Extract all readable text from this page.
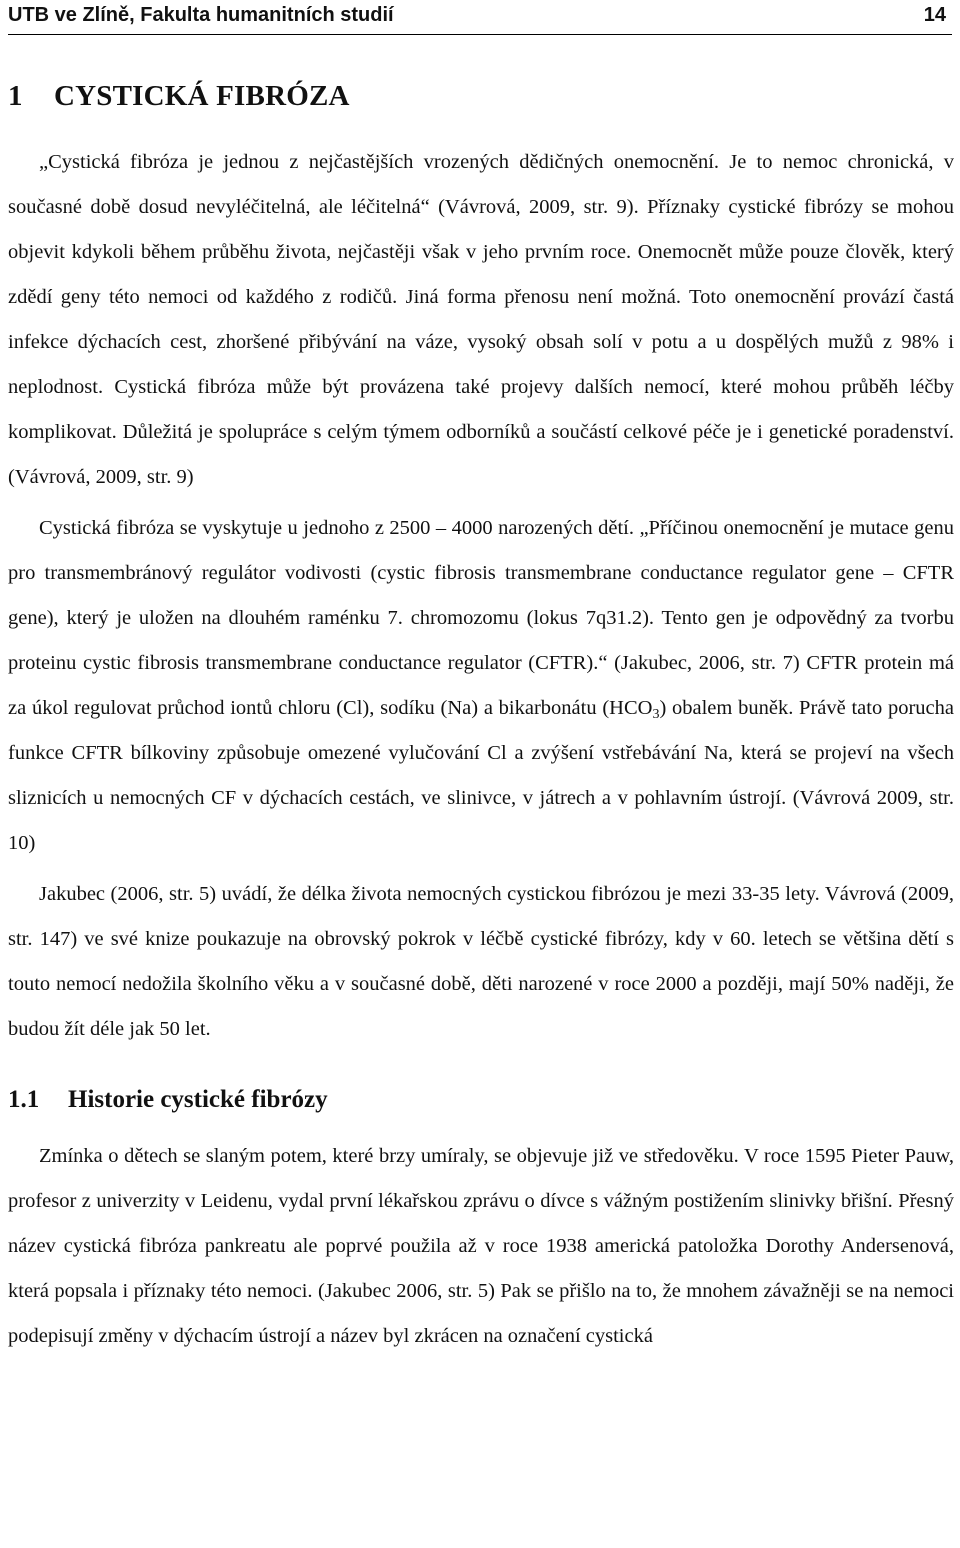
UTB ve Zlíně, Fakulta humanitních studií	14
1 CYSTICKÁ FIBRÓZA

„Cystická fibróza je jednou z nejčastějších vrozených dědičných onemocnění. Je to nemoc chronická, v současné době dosud nevyléčitelná, ale léčitelná“ (Vávrová, 2009, str. 9). Příznaky cystické fibrózy se mohou objevit kdykoli během průběhu života, nejčastěji však v jeho prvním roce. Onemocnět může pouze člověk, který zdědí geny této nemoci od každého z rodičů. Jiná forma přenosu není možná. Toto onemocnění provází častá infekce dýchacích cest, zhoršené přibývání na váze, vysoký obsah solí v potu a u dospělých mužů z 98% i neplodnost. Cystická fibróza může být provázena také projevy dalších nemocí, které mohou průběh léčby komplikovat. Důležitá je spolupráce s celým týmem odborníků a součástí celkové péče je i genetické poradenství. (Vávrová, 2009, str. 9)

Cystická fibróza se vyskytuje u jednoho z 2500 – 4000 narozených dětí. „Příčinou onemocnění je mutace genu pro transmembránový regulátor vodivosti (cystic fibrosis transmembrane conductance regulator gene – CFTR gene), který je uložen na dlouhém raménku 7. chromozomu (lokus 7q31.2). Tento gen je odpovědný za tvorbu proteinu cystic fibrosis transmembrane conductance regulator (CFTR).“ (Jakubec, 2006, str. 7) CFTR protein má za úkol regulovat průchod iontů chloru (Cl), sodíku (Na) a bikarbonátu $(HCO_3)$ obalem buněk. Právě tato porucha funkce CFTR bílkoviny způsobuje omezené vylučování Cl a zvýšení vstřebávání Na, která se projeví na všech sliznicích u nemocných CF v dýchacích cestách, ve slinivce, v játrech a v pohlavním ústrojí. (Vávrová 2009, str. 10)

Jakubec (2006, str. 5) uvádí, že délka života nemocných cystickou fibrózou je mezi 33-35 lety. Vávrová (2009, str. 147) ve své knize poukazuje na obrovský pokrok v léčbě cystické fibrózy, kdy v 60. letech se většina dětí s touto nemocí nedožila školního věku a v současné době, děti narozené v roce 2000 a později, mají 50% naději, že budou žít déle jak 50 let.

1.1 Historie cystické fibrózy

Zmínka o dětech se slaným potem, které brzy umíraly, se objevuje již ve středověku. V roce 1595 Pieter Pauw, profesor z univerzity v Leidenu, vydal první lékařskou zprávu o dívce s vážným postižením slinivky břišní. Přesný název cystická fibróza pankreatu ale poprvé použila až v roce 1938 americká patoložka Dorothy Andersenová, která popsala i příznaky této nemoci. (Jakubec 2006, str. 5) Pak se přišlo na to, že mnohem závažněji se na nemoci podepisují změny v dýchacím ústrojí a název byl zkrácen na označení cystická
